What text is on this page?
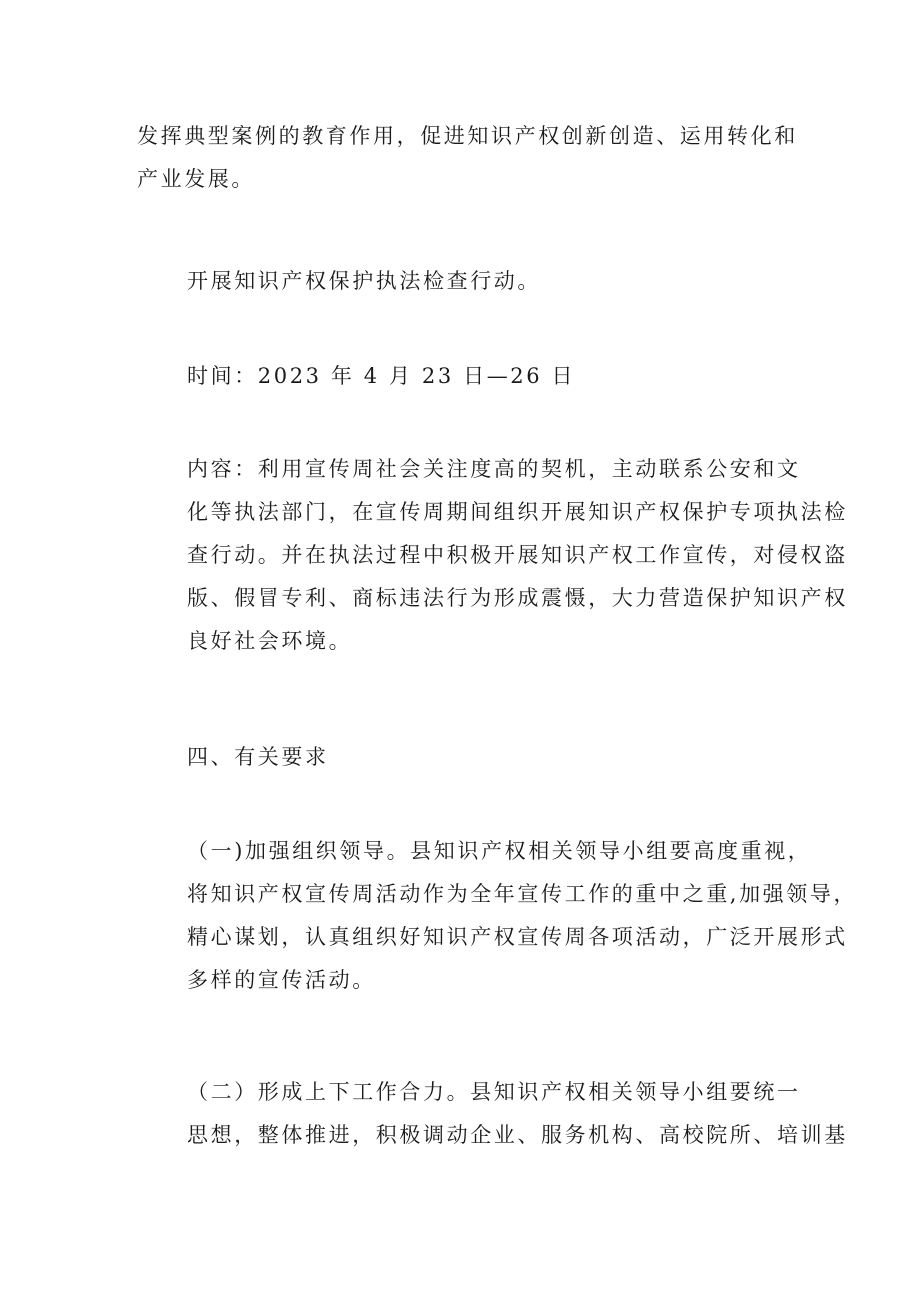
发挥典型案例的教育作用，促进知识产权创新创造、运用转化和
产业发展。

开展知识产权保护执法检查行动。

时间：2023 年 4 月 23 日—26 日

内容：利用宣传周社会关注度高的契机，主动联系公安和文
化等执法部门，在宣传周期间组织开展知识产权保护专项执法检
查行动。并在执法过程中积极开展知识产权工作宣传，对侵权盗
版、假冒专利、商标违法行为形成震慑，大力营造保护知识产权
良好社会环境。

四、有关要求

（一)加强组织领导。县知识产权相关领导小组要高度重视，
将知识产权宣传周活动作为全年宣传工作的重中之重,加强领导，
精心谋划，认真组织好知识产权宣传周各项活动，广泛开展形式
多样的宣传活动。

（二）形成上下工作合力。县知识产权相关领导小组要统一
思想，整体推进，积极调动企业、服务机构、高校院所、培训基
